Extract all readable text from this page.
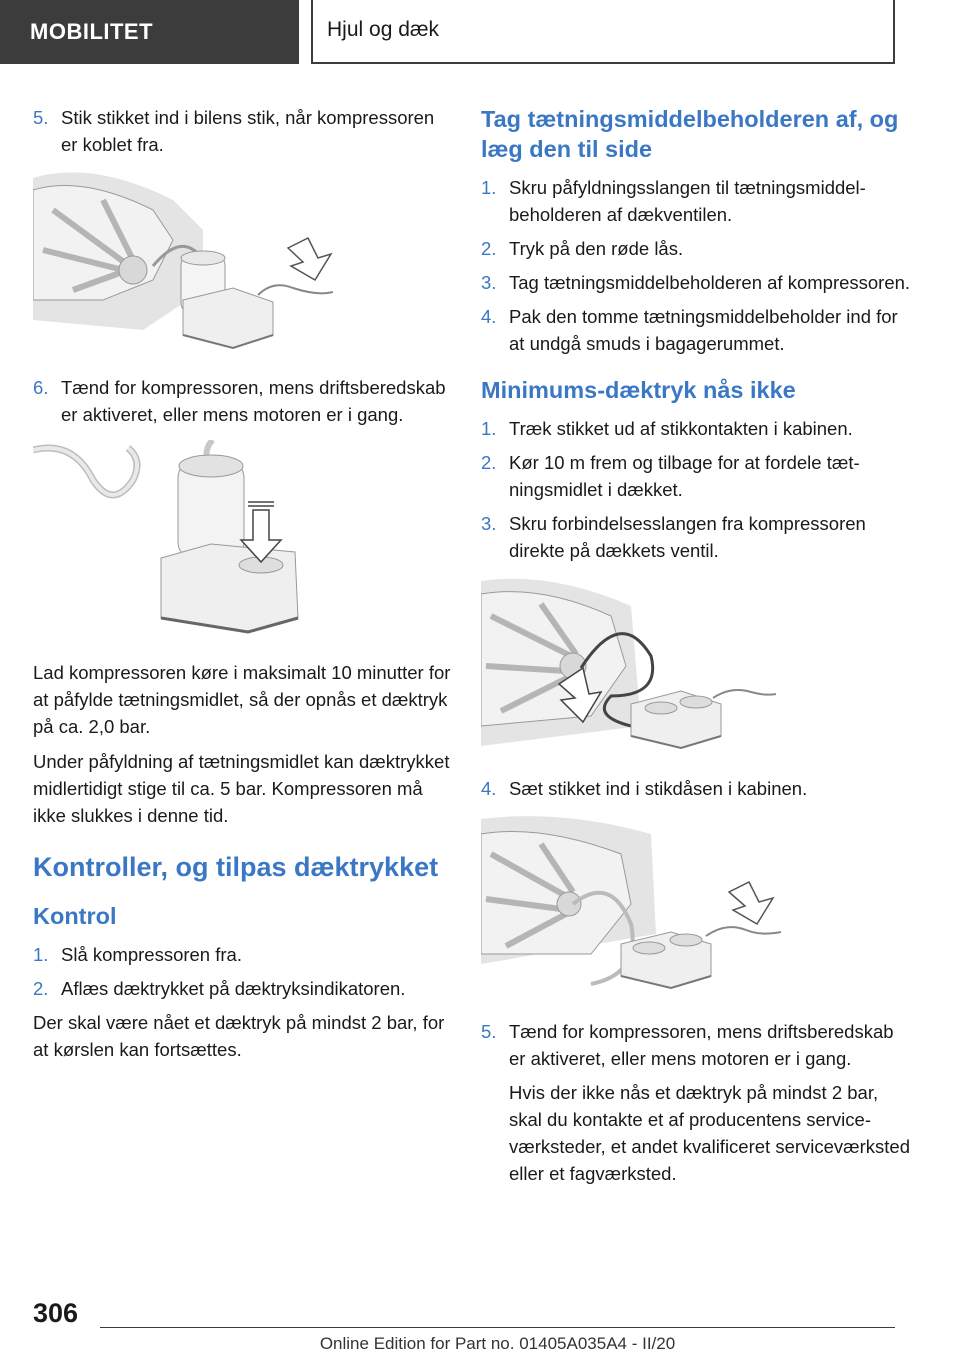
MOBILITET	Hjul og dæk
5. Stik stikket ind i bilens stik, når kompressoren er koblet fra.
6. Tænd for kompressoren, mens driftsberedskab er aktiveret, eller mens motoren er i gang.

Lad kompressoren køre i maksimalt 10 minutter for at påfylde tætningsmidlet, så der opnås et dæktryk på ca. 2,0 bar.

Under påfyldning af tætningsmidlet kan dæktrykket midlertidigt stige til ca. 5 bar. Kompressoren må ikke slukkes i denne tid.

Kontroller, og tilpas dæktrykket
Kontrol
1. Slå kompressoren fra.
2. Aflæs dæktrykket på dæktryksindikatoren.

Der skal være nået et dæktryk på mindst 2 bar, for at kørslen kan fortsættes.

Tag tætningsmiddelbeholderen af, og læg den til side
1. Skru påfyldningsslangen til tætningsmiddelbeholderen af dækventilen.
2. Tryk på den røde lås.
3. Tag tætningsmiddelbeholderen af kompressoren.
4. Pak den tomme tætningsmiddelbeholder ind for at undgå smuds i bagagerummet.
Minimums-dæktryk nås ikke
1. Træk stikket ud af stikkontakten i kabinen.
2. Kør 10 m frem og tilbage for at fordele tætningsmidlet i dækket.
3. Skru forbindelsesslangen fra kompressoren direkte på dækkets ventil.
4. Sæt stikket ind i stikdåsen i kabinen.
5. Tænd for kompressoren, mens driftsberedskab er aktiveret, eller mens motoren er i gang.

Hvis der ikke nås et dæktryk på mindst 2 bar, skal du kontakte et af producentens serviceværksteder, et andet kvalificeret serviceværksted eller et fagværksted.

306
Online Edition for Part no. 01405A035A4 - II/20
